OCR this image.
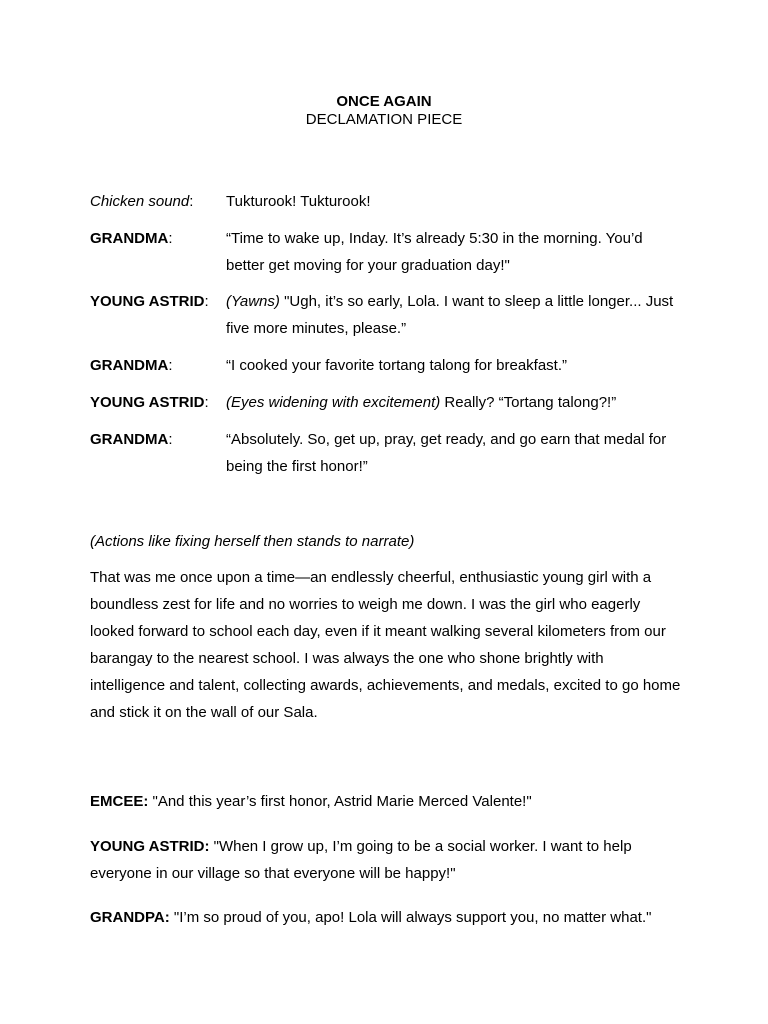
ONCE AGAIN
DECLAMATION PIECE
Chicken sound: Tukturook! Tukturook!
GRANDMA:	“Time to wake up, Inday. It’s already 5:30 in the morning. You’d better get moving for your graduation day!"
YOUNG ASTRID: (Yawns) "Ugh, it’s so early, Lola. I want to sleep a little longer... Just five more minutes, please.”
GRANDMA:	“I cooked your favorite tortang talong for breakfast.”
YOUNG ASTRID: (Eyes widening with excitement) Really? “Tortang talong?!”
GRANDMA:	“Absolutely. So, get up, pray, get ready, and go earn that medal for being the first honor!”
(Actions like fixing herself then stands to narrate)
That was me once upon a time—an endlessly cheerful, enthusiastic young girl with a boundless zest for life and no worries to weigh me down. I was the girl who eagerly looked forward to school each day, even if it meant walking several kilometers from our barangay to the nearest school. I was always the one who shone brightly with intelligence and talent, collecting awards, achievements, and medals, excited to go home and stick it on the wall of our Sala.
EMCEE: "And this year’s first honor, Astrid Marie Merced Valente!"
YOUNG ASTRID: "When I grow up, I’m going to be a social worker. I want to help everyone in our village so that everyone will be happy!"
GRANDPA: "I’m so proud of you, apo! Lola will always support you, no matter what."
